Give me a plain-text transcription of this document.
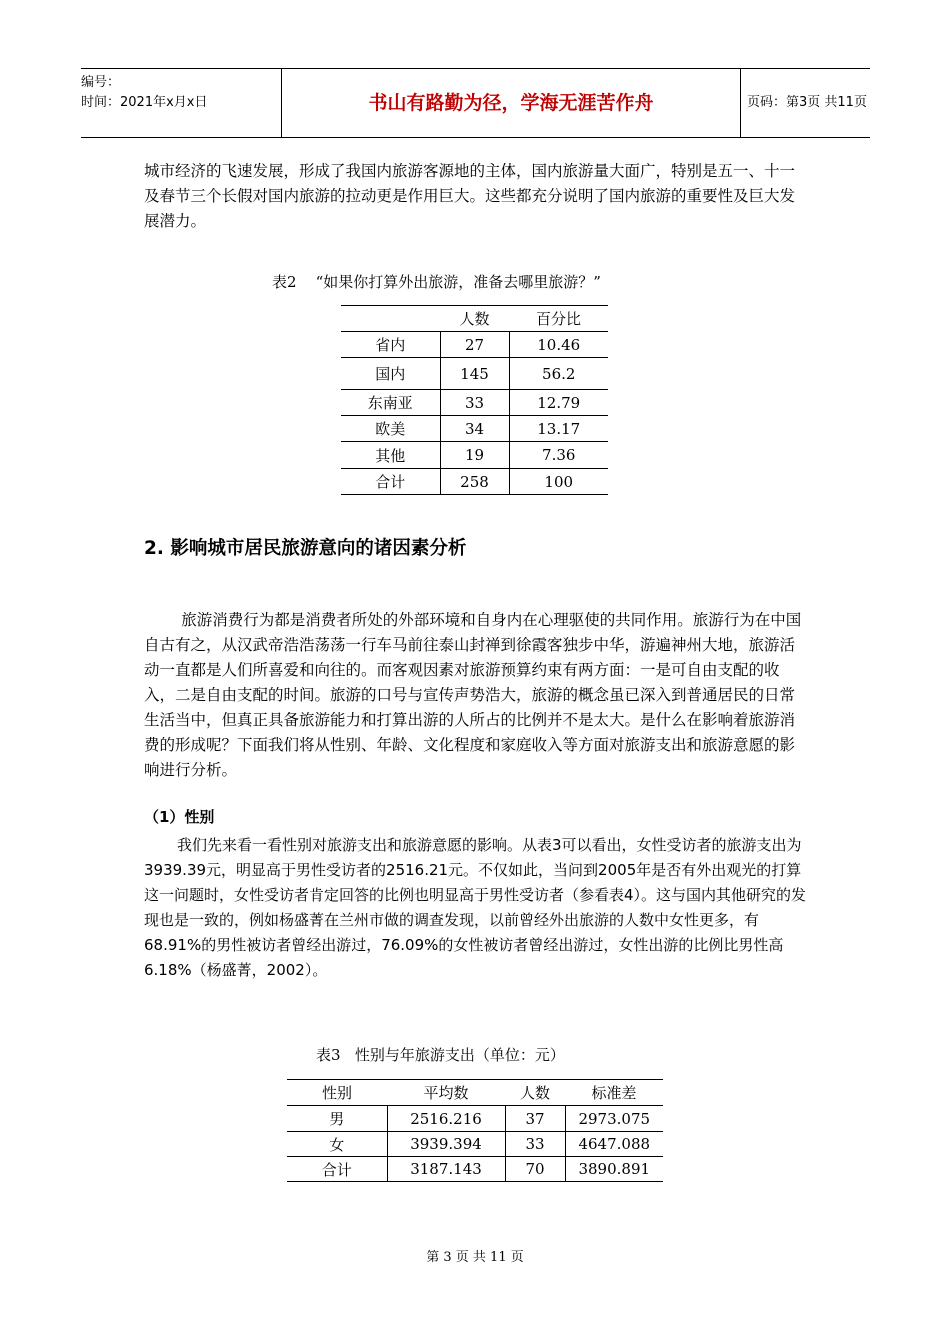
编号：
时间：2021年x月x日	书山有路勤为径，学海无涯苦作舟	页码：第3页 共11页

城市经济的飞速发展，形成了我国内旅游客源地的主体，国内旅游量大面广，特别是五一、十一及春节三个长假对国内旅游的拉动更是作用巨大。这些都充分说明了国内旅游的重要性及巨大发展潜力。

表2    “如果你打算外出旅游，准备去哪里旅游？”
	人数	百分比
省内	27	10.46
国内	145	56.2
东南亚	33	12.79
欧美	34	13.17
其他	19	7.36
合计	258	100
2. 影响城市居民旅游意向的诸因素分析

旅游消费行为都是消费者所处的外部环境和自身内在心理驱使的共同作用。旅游行为在中国自古有之，从汉武帝浩浩荡荡一行车马前往泰山封禅到徐霞客独步中华，游遍神州大地，旅游活动一直都是人们所喜爱和向往的。而客观因素对旅游预算约束有两方面：一是可自由支配的收入，二是自由支配的时间。旅游的口号与宣传声势浩大，旅游的概念虽已深入到普通居民的日常生活当中，但真正具备旅游能力和打算出游的人所占的比例并不是太大。是什么在影响着旅游消费的形成呢？下面我们将从性别、年龄、文化程度和家庭收入等方面对旅游支出和旅游意愿的影响进行分析。

（1）性别

我们先来看一看性别对旅游支出和旅游意愿的影响。从表3可以看出，女性受访者的旅游支出为3939.39元，明显高于男性受访者的2516.21元。不仅如此，当问到2005年是否有外出观光的打算这一问题时，女性受访者肯定回答的比例也明显高于男性受访者（参看表4）。这与国内其他研究的发现也是一致的，例如杨盛菁在兰州市做的调查发现，以前曾经外出旅游的人数中女性更多，有68.91%的男性被访者曾经出游过，76.09%的女性被访者曾经出游过，女性出游的比例比男性高6.18%（杨盛菁，2002）。

表3   性别与年旅游支出（单位：元）
性别	平均数	人数	标准差
男	2516.216	37	2973.075
女	3939.394	33	4647.088
合计	3187.143	70	3890.891
第 3 页 共 11 页
